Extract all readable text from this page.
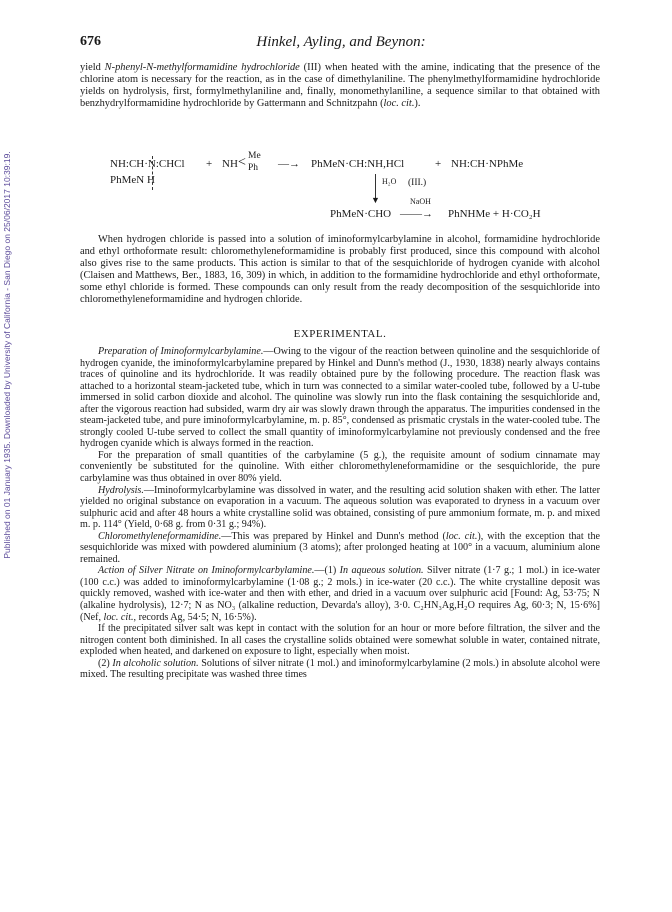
Published on 01 January 1935. Downloaded by University of California - San Diego on 25/06/2017 10:39:19.
676	Hinkel, Ayling, and Beynon:

yield N-phenyl-N-methylformamidine hydrochloride (III) when heated with the amine, indicating that the presence of the chlorine atom is necessary for the reaction, as in the case of dimethylaniline. The phenylmethylformamidine hydrochloride yields on hydrolysis, first, formylmethylaniline and, finally, monomethylaniline, a sequence similar to that obtained with benzhydrylformamidine hydrochloride by Gattermann and Schnitzpahn (loc. cit.).

NH:CH·N:CHCl
PhMeN H
+ NH < Me
Ph —→ PhMeN·CH:NH,HCl	+ NH:CH·NPhMe
▼
H₂O (III.)
PhMeN·CHO
NaOH
——→ PhNHMe + H·CO₂H

When hydrogen chloride is passed into a solution of iminoformylcarbylamine in alcohol, formamidine hydrochloride and ethyl orthoformate result: chloromethyleneformamidine is probably first produced, since this compound with alcohol also gives rise to the same products. This action is similar to that of the sesquichloride of hydrogen cyanide with alcohol (Claisen and Matthews, Ber., 1883, 16, 309) in which, in addition to the formamidine hydrochloride and ethyl orthoformate, some ethyl chloride is formed. These compounds can only result from the ready decomposition of the sesquichloride into chloromethyleneformamidine and hydrogen chloride.

EXPERIMENTAL.

Preparation of Iminoformylcarbylamine.—Owing to the vigour of the reaction between quinoline and the sesquichloride of hydrogen cyanide, the iminoformylcarbylamine prepared by Hinkel and Dunn's method (J., 1930, 1838) nearly always contains traces of quinoline and its hydrochloride. It was readily obtained pure by the following procedure. The reaction flask was attached to a horizontal steam-jacketed tube, which in turn was connected to a similar water-cooled tube, followed by a U-tube immersed in solid carbon dioxide and alcohol. The quinoline was slowly run into the flask containing the sesquichloride and, after the vigorous reaction had subsided, warm dry air was slowly drawn through the apparatus. The impurities condensed in the steam-jacketed tube, and pure iminoformylcarbylamine, m. p. 85°, condensed as prismatic crystals in the water-cooled tube. The strongly cooled U-tube served to collect the small quantity of iminoformylcarbylamine not previously condensed and the free hydrogen cyanide which is always formed in the reaction.

For the preparation of small quantities of the carbylamine (5 g.), the requisite amount of sodium cinnamate may conveniently be substituted for the quinoline. With either chloromethyleneformamidine or the sesquichloride, the pure carbylamine was thus obtained in over 80% yield.

Hydrolysis.—Iminoformylcarbylamine was dissolved in water, and the resulting acid solution shaken with ether. The latter yielded no original substance on evaporation in a vacuum. The aqueous solution was evaporated to dryness in a vacuum over sulphuric acid and after 48 hours a white crystalline solid was obtained, consisting of pure ammonium formate, m. p. and mixed m. p. 114° (Yield, 0·68 g. from 0·31 g.; 94%).

Chloromethyleneformamidine.—This was prepared by Hinkel and Dunn's method (loc. cit.), with the exception that the sesquichloride was mixed with powdered aluminium (3 atoms); after prolonged heating at 100° in a vacuum, aluminium alone remained.

Action of Silver Nitrate on Iminoformylcarbylamine.—(1) In aqueous solution. Silver nitrate (1·7 g.; 1 mol.) in ice-water (100 c.c.) was added to iminoformylcarbylamine (1·08 g.; 2 mols.) in ice-water (20 c.c.). The white crystalline deposit was quickly removed, washed with ice-water and then with ether, and dried in a vacuum over sulphuric acid [Found: Ag, 53·75; N (alkaline hydrolysis), 12·7; N as NO₃ (alkaline reduction, Devarda's alloy), 3·0. C₂HN₃Ag,H₂O requires Ag, 60·3; N, 15·6%] (Nef, loc. cit., records Ag, 54·5; N, 16·5%).

If the precipitated silver salt was kept in contact with the solution for an hour or more before filtration, the silver and the nitrogen content both diminished. In all cases the crystalline solids obtained were somewhat soluble in water, contained nitrate, exploded when heated, and darkened on exposure to light, especially when moist.

(2) In alcoholic solution. Solutions of silver nitrate (1 mol.) and iminoformylcarbylamine (2 mols.) in absolute alcohol were mixed. The resulting precipitate was washed three times
